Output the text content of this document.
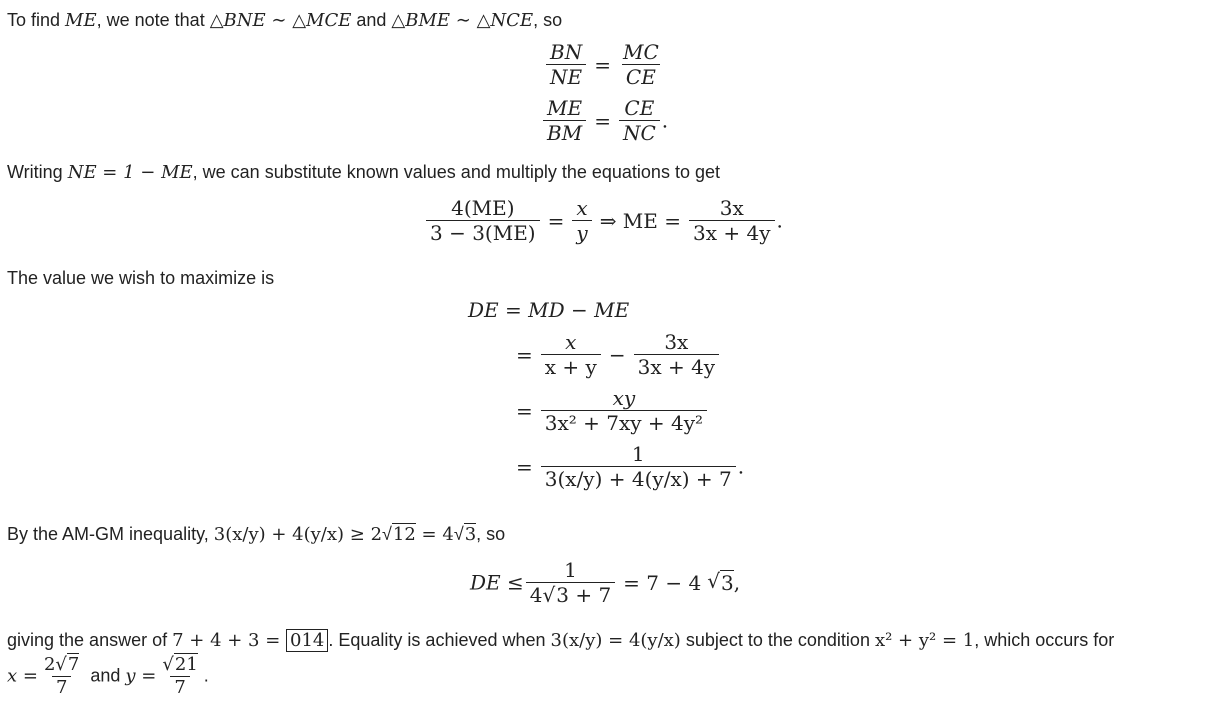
To find ME, we note that △BNE ∼ △MCE and △BME ∼ △NCE, so
$\frac{BN}{NE} = \frac{MC}{CE}$
$\frac{ME}{BM} = \frac{CE}{NC}$ .
Writing NE = 1 − ME, we can substitute known values and multiply the equations to get
$\frac{4(ME)}{3 - 3(ME)} = \frac{x}{y}$ ⇒ ME = $\frac{3x}{3x + 4y}$ .
The value we wish to maximize is
DE = MD − ME
= $\frac{x}{x + y} - \frac{3x}{3x + 4y}$
= $\frac{xy}{\text{3x² + 7xy + 4y²}}$
= $\frac{1}{3(x/y) + 4(y/x) + 7}$ .
By the AM-GM inequality, 3(x/y) + 4(y/x) ≥ 2√12 = 4√3, so
DE ≤ $\frac{1}{4√3 + 7} = 7 - 4$ √3,
giving the answer of 7 + 4 + 3 = 014 . Equality is achieved when 3(x/y) = 4(y/x) subject to the condition x² + y² = 1, which occurs for
$x = \frac{2√7}{7}$ and $y = \frac{√21}{7}$ .
